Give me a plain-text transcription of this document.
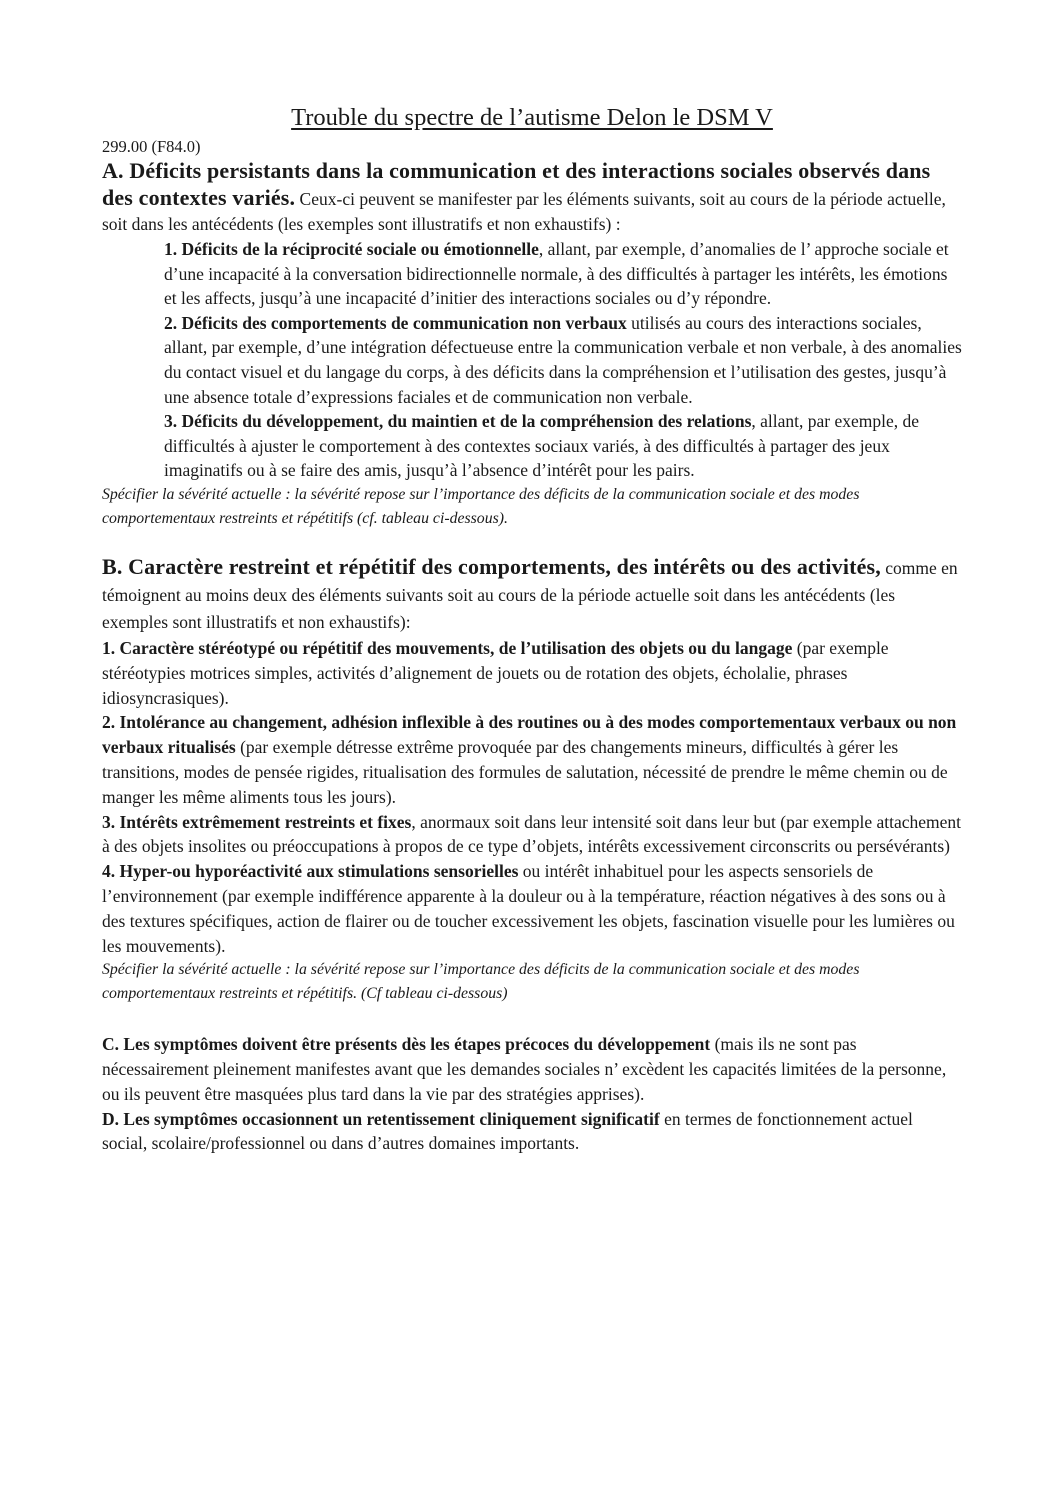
Trouble du spectre de l’autisme Delon le DSM V

299.00 (F84.0)

A. Déficits persistants dans la communication et des interactions sociales observés dans des contextes variés. Ceux-ci peuvent se manifester par les éléments suivants, soit au cours de la période actuelle, soit dans les antécédents (les exemples sont illustratifs et non exhaustifs) :

1. Déficits de la réciprocité sociale ou émotionnelle, allant, par exemple, d’anomalies de l’ approche sociale et d’une incapacité à la conversation bidirectionnelle normale, à des difficultés à partager les intérêts, les émotions et les affects, jusqu’à une incapacité d’initier des interactions sociales ou d’y répondre.

2. Déficits des comportements de communication non verbaux utilisés au cours des interactions sociales, allant, par exemple, d’une intégration défectueuse entre la communication verbale et non verbale, à des anomalies du contact visuel et du langage du corps, à des déficits dans la compréhension et l’utilisation des gestes, jusqu’à une absence totale d’expressions faciales et de communication non verbale.

3. Déficits du développement, du maintien et de la compréhension des relations, allant, par exemple, de difficultés à ajuster le comportement à des contextes sociaux variés, à des difficultés à partager des jeux imaginatifs ou à se faire des amis, jusqu’à l’absence d’intérêt pour les pairs.

Spécifier la sévérité actuelle : la sévérité repose sur l’importance des déficits de la communication sociale et des modes comportementaux restreints et répétitifs (cf. tableau ci-dessous).

B. Caractère restreint et répétitif des comportements, des intérêts ou des activités, comme en témoignent au moins deux des éléments suivants soit au cours de la période actuelle soit dans les antécédents (les exemples sont illustratifs et non exhaustifs):

1. Caractère stéréotypé ou répétitif des mouvements, de l’utilisation des objets ou du langage (par exemple stéréotypies motrices simples, activités d’alignement de jouets ou de rotation des objets, écholalie, phrases idiosyncrasiques).

2. Intolérance au changement, adhésion inflexible à des routines ou à des modes comportementaux verbaux ou non verbaux ritualisés (par exemple détresse extrême provoquée par des changements mineurs, difficultés à gérer les transitions, modes de pensée rigides, ritualisation des formules de salutation, nécessité de prendre le même chemin ou de manger les même aliments tous les jours).

3. Intérêts extrêmement restreints et fixes, anormaux soit dans leur intensité soit dans leur but (par exemple attachement à des objets insolites ou préoccupations à propos de ce type d’objets, intérêts excessivement circonscrits ou persévérants)

4. Hyper-ou hyporéactivité aux stimulations sensorielles ou intérêt inhabituel pour les aspects sensoriels de l’environnement (par exemple indifférence apparente à la douleur ou à la température, réaction négatives à des sons ou à des textures spécifiques, action de flairer ou de toucher excessivement les objets, fascination visuelle pour les lumières ou les mouvements).

Spécifier la sévérité actuelle : la sévérité repose sur l’importance des déficits de la communication sociale et des modes comportementaux restreints et répétitifs. (Cf tableau ci-dessous)

C. Les symptômes doivent être présents dès les étapes précoces du développement (mais ils ne sont pas nécessairement pleinement manifestes avant que les demandes sociales n’ excèdent les capacités limitées de la personne, ou ils peuvent être masquées plus tard dans la vie par des stratégies apprises).

D. Les symptômes occasionnent un retentissement cliniquement significatif en termes de fonctionnement actuel social, scolaire/professionnel ou dans d’autres domaines importants.
